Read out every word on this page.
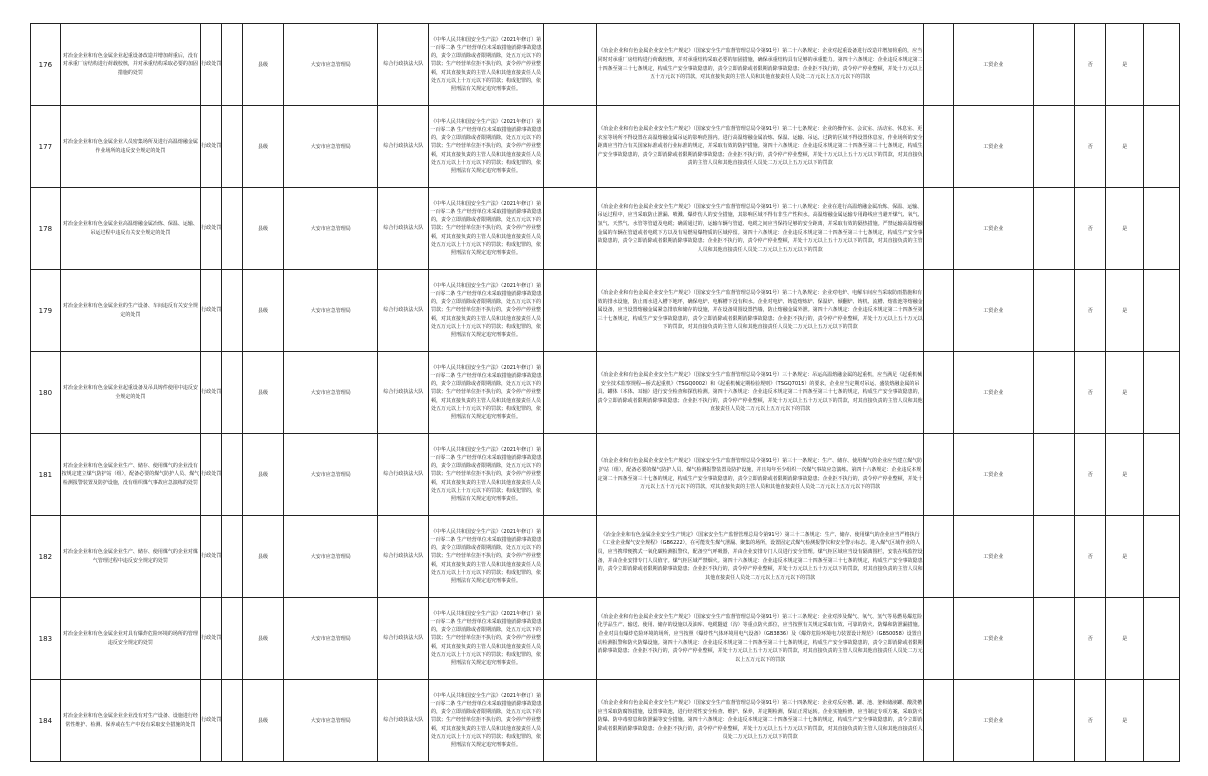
176	对冶金企业和有色金属企业起重设备改造并增加荷重后，没有对承重厂房结构进行荷载校核，并对承重结构采取必要的加固措施的处罚	行政处罚		县级	大安市应急管理局	综合行政执法大队	《中华人民共和国安全生产法》（2021年修订）第一百零二条 生产经营单位未采取措施消除事故隐患的，责令立即消除或者限期消除，处五万元以下的罚款；生产经营单位拒不执行的，责令停产停业整顿，对其直接负责的主管人员和其他直接责任人员处五万元以上十万元以下的罚款；构成犯罪的，依照刑法有关规定追究刑事责任。		《冶金企业和有色金属企业安全生产规定》（国家安全生产监督管理总局令第91号）第二十六条规定：企业对起重设备进行改造并增加荷重的，应当同时对承重厂房结构进行荷载校核，并对承重结构采取必要的加固措施，确保承重结构具有足够的承重能力。第四十六条规定：企业违反本规定第二十四条至第三十七条规定，构成生产安全事故隐患的，责令立即消除或者限期消除事故隐患；企业拒不执行的，责令停产停业整顿，并处十万元以上五十万元以下的罚款，对其直接负责的主管人员和其他直接责任人员处二万元以上五万元以下的罚款		工贸企业		否	是	
177	对冶金企业和有色金属企业人员密集场所及进行高温熔融金属作业场所的违反安全规定的处罚	行政处罚		县级	大安市应急管理局	综合行政执法大队	《中华人民共和国安全生产法》（2021年修订）第一百零二条 生产经营单位未采取措施消除事故隐患的，责令立即消除或者限期消除，处五万元以下的罚款；生产经营单位拒不执行的，责令停产停业整顿，对其直接负责的主管人员和其他直接责任人员处五万元以上十万元以下的罚款；构成犯罪的，依照刑法有关规定追究刑事责任。		《冶金企业和有色金属企业安全生产规定》（国家安全生产监督管理总局令第91号）第二十七条规定：企业的操作室、会议室、活动室、休息室、更衣室等场所不得设置在高温熔融金属吊运的影响范围内。进行高温熔融金属冶炼、保温、运输、吊运、过跨的区域不得设置休息室，作业场所的安全距离应当符合有关国家标准或者行业标准的规定，并采取有效的防护措施。第四十六条规定：企业违反本规定第二十四条至第三十七条规定，构成生产安全事故隐患的，责令立即消除或者限期消除事故隐患；企业拒不执行的，责令停产停业整顿，并处十万元以上五十万元以下的罚款，对其直接负责的主管人员和其他直接责任人员处二万元以上五万元以下的罚款		工贸企业		否	是	
178	对冶金企业和有色金属企业高温熔融金属冶炼、保温、运输、吊运过程中违反有关安全规定的处罚	行政处罚		县级	大安市应急管理局	综合行政执法大队	《中华人民共和国安全生产法》（2021年修订）第一百零二条 生产经营单位未采取措施消除事故隐患的，责令立即消除或者限期消除，处五万元以下的罚款；生产经营单位拒不执行的，责令停产停业整顿，对其直接负责的主管人员和其他直接责任人员处五万元以上十万元以下的罚款；构成犯罪的，依照刑法有关规定追究刑事责任。		《冶金企业和有色金属企业安全生产规定》（国家安全生产监督管理总局令第91号）第二十八条规定：企业在进行高温熔融金属冶炼、保温、运输、吊运过程中，应当采取防止泄漏、喷溅、爆炸伤人的安全措施，其影响区域不得有非生产性积水。高温熔融金属运输专用路线应当避开煤气、氧气、氢气、天然气、水管等管道及电缆；确需通过的，运输车辆与管道、电缆之间应当保持足够的安全距离，并采取有效的隔热措施。严禁运输高温熔融金属的车辆在管道或者电缆下方以及有易燃易爆物质的区域停留。第四十六条规定：企业违反本规定第二十四条至第三十七条规定，构成生产安全事故隐患的，责令立即消除或者限期消除事故隐患；企业拒不执行的，责令停产停业整顿，并处十万元以上五十万元以下的罚款，对其直接负责的主管人员和其他直接责任人员处二万元以上五万元以下的罚款		工贸企业		否	是	
179	对冶金企业和有色金属企业的生产设备、车间违反有关安全规定的处罚	行政处罚		县级	大安市应急管理局	综合行政执法大队	《中华人民共和国安全生产法》（2021年修订）第一百零二条 生产经营单位未采取措施消除事故隐患的，责令立即消除或者限期消除，处五万元以下的罚款；生产经营单位拒不执行的，责令停产停业整顿，对其直接负责的主管人员和其他直接责任人员处五万元以上十万元以下的罚款；构成犯罪的，依照刑法有关规定追究刑事责任。		《冶金企业和有色金属企业安全生产规定》（国家安全生产监督管理总局令第91号）第二十九条规定：企业对电炉、电解车间应当采取防雨措施和有效的排水设施，防止雨水进入槽下地坪，确保电炉、电解槽下没有积水。企业对电炉、铸造熔炼炉、保温炉、倾翻炉、铸机、流槽、熔盐池等熔融金属设备，应当设置熔融金属紧急排放和储存的设施，并在设备周围设置挡墙，防止熔融金属外泄。第四十六条规定：企业违反本规定第二十四条至第三十七条规定，构成生产安全事故隐患的，责令立即消除或者限期消除事故隐患；企业拒不执行的，责令停产停业整顿，并处十万元以上五十万元以下的罚款，对其直接负责的主管人员和其他直接责任人员处二万元以上五万元以下的罚款		工贸企业		否	是	
180	对冶金企业和有色金属企业起重设备及吊具铸件使用中违反安全规定的处罚	行政处罚		县级	大安市应急管理局	综合行政执法大队	《中华人民共和国安全生产法》（2021年修订）第一百零二条 生产经营单位未采取措施消除事故隐患的，责令立即消除或者限期消除，处五万元以下的罚款；生产经营单位拒不执行的，责令停产停业整顿，对其直接负责的主管人员和其他直接责任人员处五万元以上十万元以下的罚款；构成犯罪的，依照刑法有关规定追究刑事责任。		《冶金企业和有色金属企业安全生产规定》（国家安全生产监督管理总局令第91号）三十条规定：吊运高温熔融金属的起重机，应当满足《起重机械安全技术监察规程—桥式起重机》（TSGQ0002）和《起重机械定期检验规则》（TSGQ7015）的要求。企业应当定期对吊运、盛装熔融金属的吊具、罐体（本体、耳轴）进行安全检查和探伤检测。第四十六条规定：企业违反本规定第二十四条至第三十七条的规定，构成生产安全事故隐患的，责令立即消除或者限期消除事故隐患；企业拒不执行的，责令停产停业整顿，并处十万元以上五十万元以下的罚款，对其直接负责的主管人员和其他直接责任人员处二万元以上五万元以下的罚款		工贸企业		否	是	
181	对冶金企业和有色金属企业生产、储存、使用煤气的企业没有按规定建立煤气防护站（组），配备必要的煤气防护人员、煤气检测报警装置及防护设施，没有组织煤气事故应急演练的处罚	行政处罚		县级	大安市应急管理局	综合行政执法大队	《中华人民共和国安全生产法》（2021年修订）第一百零二条 生产经营单位未采取措施消除事故隐患的，责令立即消除或者限期消除，处五万元以下的罚款；生产经营单位拒不执行的，责令停产停业整顿，对其直接负责的主管人员和其他直接责任人员处五万元以上十万元以下的罚款；构成犯罪的，依照刑法有关规定追究刑事责任。		《冶金企业和有色金属企业安全生产规定》（国家安全生产监督管理总局令第91号）第三十一条规定：生产、储存、使用煤气的企业应当建立煤气防护站（组），配备必要的煤气防护人员、煤气检测报警装置及防护设施，并且每年至少组织一次煤气事故应急演练。第四十六条规定：企业违反本规定第二十四条至第三十七条的规定，构成生产安全事故隐患的，责令立即消除或者限期消除事故隐患；企业拒不执行的，责令停产停业整顿，并处十万元以上五十万元以下的罚款，对其直接负责的主管人员和其他直接责任人员处二万元以上五万元以下的罚款		工贸企业		否	是	
182	对冶金企业和有色金属企业生产、储存、使用煤气的企业对煤气管理过程中违反安全规定的处罚	行政处罚		县级	大安市应急管理局	综合行政执法大队	《中华人民共和国安全生产法》（2021年修订）第一百零二条 生产经营单位未采取措施消除事故隐患的，责令立即消除或者限期消除，处五万元以下的罚款；生产经营单位拒不执行的，责令停产停业整顿，对其直接负责的主管人员和其他直接责任人员处五万元以上十万元以下的罚款；构成犯罪的，依照刑法有关规定追究刑事责任。		《冶金企业和有色金属企业安全生产规定》（国家安全生产监督管理总局令第91号）第三十二条规定：生产、储存、使用煤气的企业应当严格执行《工业企业煤气安全规程》（GB6222），在可能发生煤气泄漏、聚集的场所，设置固定式煤气检测报警仪和安全警示标志。进入煤气区域作业的人员，应当携带便携式一氧化碳检测报警仪，配备空气呼吸器，并由企业安排专门人员进行安全管理。煤气柜区域应当设有隔离围栏，安装在线监控设备，并由企业安排专门人员值守。煤气柜区域严禁烟火。第四十六条规定：企业违反本规定第二十四条至第三十七条的规定，构成生产安全事故隐患的，责令立即消除或者限期消除事故隐患；企业拒不执行的，责令停产停业整顿，并处十万元以上五十万元以下的罚款，对其直接负责的主管人员和其他直接责任人员处二万元以上五万元以下的罚款		工贸企业		否	是	
183	对冶金企业和有色金属企业对具有爆炸危险环境的场所的管理违反安全规定的处罚	行政处罚		县级	大安市应急管理局	综合行政执法大队	《中华人民共和国安全生产法》（2021年修订）第一百零二条 生产经营单位未采取措施消除事故隐患的，责令立即消除或者限期消除，处五万元以下的罚款；生产经营单位拒不执行的，责令停产停业整顿，对其直接负责的主管人员和其他直接责任人员处五万元以上十万元以下的罚款；构成犯罪的，依照刑法有关规定追究刑事责任。		《冶金企业和有色金属企业安全生产规定》（国家安全生产监督管理总局令第91号）第三十三条规定：企业对涉及煤气、氧气、氢气等易燃易爆危险化学品生产、输送、使用、储存的设施以及油库、电缆隧道（沟）等重点防火部位，应当按照有关规定采取有效、可靠的防火、防爆和防泄漏措施。企业对具有爆炸危险环境的场所，应当按照《爆炸性气体环境用电气设备》（GB3836）及《爆炸危险环境电力装置设计规范》（GB50058）设置自动检测报警和防火防爆设施。第四十六条规定：企业违反本规定第二十四条至第三十七条的规定，构成生产安全事故隐患的，责令立即消除或者限期消除事故隐患；企业拒不执行的，责令停产停业整顿，并处十万元以上五十万元以下的罚款，对其直接负责的主管人员和其他直接责任人员处二万元以上五万元以下的罚款		工贸企业		否	是	
184	对冶金企业和有色金属企业企业没有对生产设备、设施进行经常性维护、检测、保养或在生产中没有采取安全措施的处罚	行政处罚		县级	大安市应急管理局	综合行政执法大队	《中华人民共和国安全生产法》（2021年修订）第一百零二条 生产经营单位未采取措施消除事故隐患的，责令立即消除或者限期消除，处五万元以下的罚款；生产经营单位拒不执行的，责令停产停业整顿，对其直接负责的主管人员和其他直接责任人员处五万元以上十万元以下的罚款；构成犯罪的，依照刑法有关规定追究刑事责任。		《冶金企业和有色金属企业安全生产规定》（国家安全生产监督管理总局令第91号）第三十四条规定：企业对反应槽、罐、池、釜和储液罐、酸洗槽应当采取防腐蚀措施，设置事故池，进行经常性安全检查、维护、保养，并定期检测，保证正常运转。企业实施检修，应当制定专项方案，采取防火防爆、防中毒窒息和防泄漏等安全措施。第四十六条规定：企业违反本规定第二十四条至第三十七条的规定，构成生产安全事故隐患的，责令立即消除或者限期消除事故隐患；企业拒不执行的，责令停产停业整顿，并处十万元以上五十万元以下的罚款，对其直接负责的主管人员和其他直接责任人员处二万元以上五万元以下的罚款		工贸企业		否	是	
